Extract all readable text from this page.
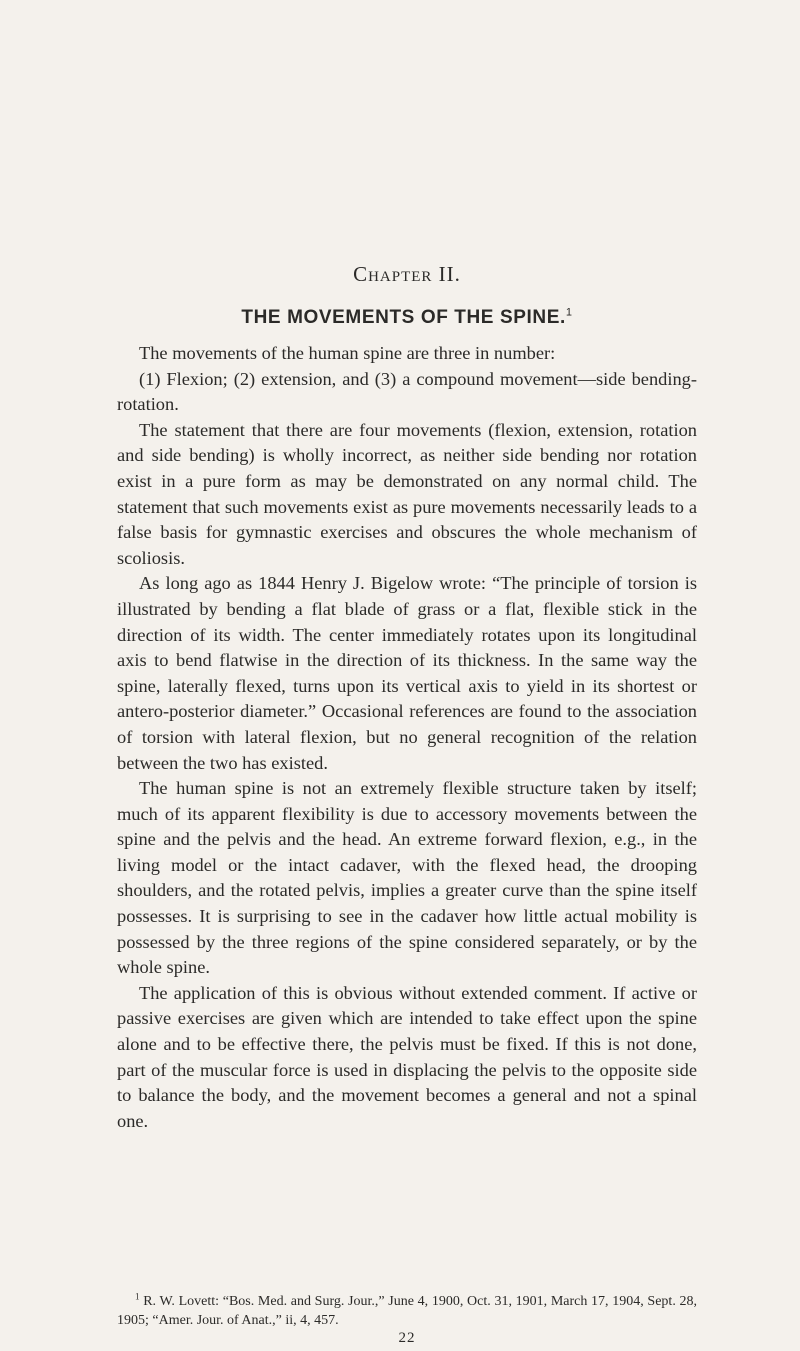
Chapter II.
THE MOVEMENTS OF THE SPINE.$^1$

The movements of the human spine are three in number:

(1) Flexion; (2) extension, and (3) a compound movement—side bending-rotation.

The statement that there are four movements (flexion, extension, rotation and side bending) is wholly incorrect, as neither side bending nor rotation exist in a pure form as may be demonstrated on any normal child. The statement that such movements exist as pure movements necessarily leads to a false basis for gymnastic exercises and obscures the whole mechanism of scoliosis.

As long ago as 1844 Henry J. Bigelow wrote: “The principle of torsion is illustrated by bending a flat blade of grass or a flat, flexible stick in the direction of its width. The center immediately rotates upon its longitudinal axis to bend flatwise in the direction of its thickness. In the same way the spine, laterally flexed, turns upon its vertical axis to yield in its shortest or antero-posterior diameter.” Occasional references are found to the association of torsion with lateral flexion, but no general recognition of the relation between the two has existed.

The human spine is not an extremely flexible structure taken by itself; much of its apparent flexibility is due to accessory movements between the spine and the pelvis and the head. An extreme forward flexion, e.g., in the living model or the intact cadaver, with the flexed head, the drooping shoulders, and the rotated pelvis, implies a greater curve than the spine itself possesses. It is surprising to see in the cadaver how little actual mobility is possessed by the three regions of the spine considered separately, or by the whole spine.

The application of this is obvious without extended comment. If active or passive exercises are given which are intended to take effect upon the spine alone and to be effective there, the pelvis must be fixed. If this is not done, part of the muscular force is used in displacing the pelvis to the opposite side to balance the body, and the movement becomes a general and not a spinal one.

$^1$ R. W. Lovett: “Bos. Med. and Surg. Jour.,” June 4, 1900, Oct. 31, 1901, March 17, 1904, Sept. 28, 1905; “Amer. Jour. of Anat.,” ii, 4, 457.
22
